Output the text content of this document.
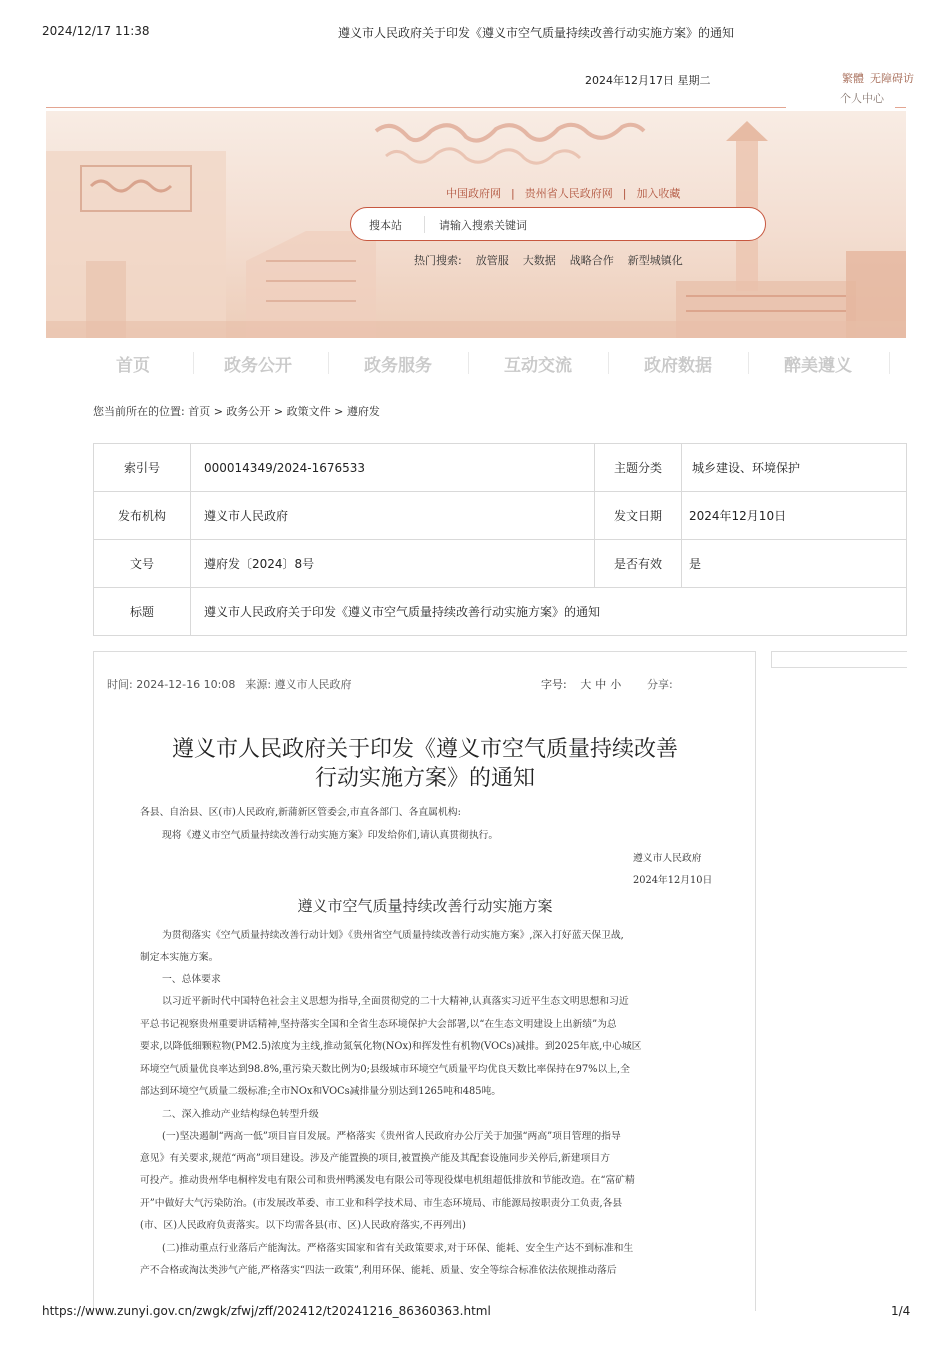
2024/12/17 11:38	遵义市人民政府关于印发《遵义市空气质量持续改善行动实施方案》的通知
2024年12月17日 星期二	繁體 无障碍访
个人中心
中国政府网 | 贵州省人民政府网 | 加入收藏
搜本站
请输入搜索关键词
热门搜索: 放管服 大数据 战略合作 新型城镇化
首页	政务公开	政务服务	互动交流	政府数据	醉美遵义
您当前所在的位置: 首页 > 政务公开 > 政策文件 > 遵府发
索引号	000014349/2024-1676533	主题分类	城乡建设、环境保护
发布机构	遵义市人民政府	发文日期	2024年12月10日
文号	遵府发〔2024〕8号	是否有效	是
标题	遵义市人民政府关于印发《遵义市空气质量持续改善行动实施方案》的通知		
时间: 2024-12-16 10:08 来源: 遵义市人民政府	字号: 大 中 小 分享:
遵义市人民政府关于印发《遵义市空气质量持续改善
行动实施方案》的通知
各县、自治县、区(市)人民政府,新蒲新区管委会,市直各部门、各直属机构:
现将《遵义市空气质量持续改善行动实施方案》印发给你们,请认真贯彻执行。
遵义市人民政府
2024年12月10日
遵义市空气质量持续改善行动实施方案
为贯彻落实《空气质量持续改善行动计划》《贵州省空气质量持续改善行动实施方案》,深入打好蓝天保卫战,
制定本实施方案。
一、总体要求
以习近平新时代中国特色社会主义思想为指导,全面贯彻党的二十大精神,认真落实习近平生态文明思想和习近
平总书记视察贵州重要讲话精神,坚持落实全国和全省生态环境保护大会部署,以“在生态文明建设上出新绩”为总
要求,以降低细颗粒物(PM2.5)浓度为主线,推动氮氧化物(NOx)和挥发性有机物(VOCs)减排。到2025年底,中心城区
环境空气质量优良率达到98.8%,重污染天数比例为0;县级城市环境空气质量平均优良天数比率保持在97%以上,全
部达到环境空气质量二级标准;全市NOx和VOCs减排量分别达到1265吨和485吨。
二、深入推动产业结构绿色转型升级
(一)坚决遏制“两高一低”项目盲目发展。严格落实《贵州省人民政府办公厅关于加强“两高”项目管理的指导
意见》有关要求,规范“两高”项目建设。涉及产能置换的项目,被置换产能及其配套设施同步关停后,新建项目方
可投产。推动贵州华电桐梓发电有限公司和贵州鸭溪发电有限公司等现役煤电机组超低排放和节能改造。在“富矿精
开”中做好大气污染防治。(市发展改革委、市工业和科学技术局、市生态环境局、市能源局按职责分工负责,各县
(市、区)人民政府负责落实。以下均需各县(市、区)人民政府落实,不再列出)
(二)推动重点行业落后产能淘汰。严格落实国家和省有关政策要求,对于环保、能耗、安全生产达不到标准和生
产不合格或淘汰类涉气产能,严格落实“四法一政策”,利用环保、能耗、质量、安全等综合标准依法依规推动落后
https://www.zunyi.gov.cn/zwgk/zfwj/zff/202412/t20241216_86360363.html	1/4
